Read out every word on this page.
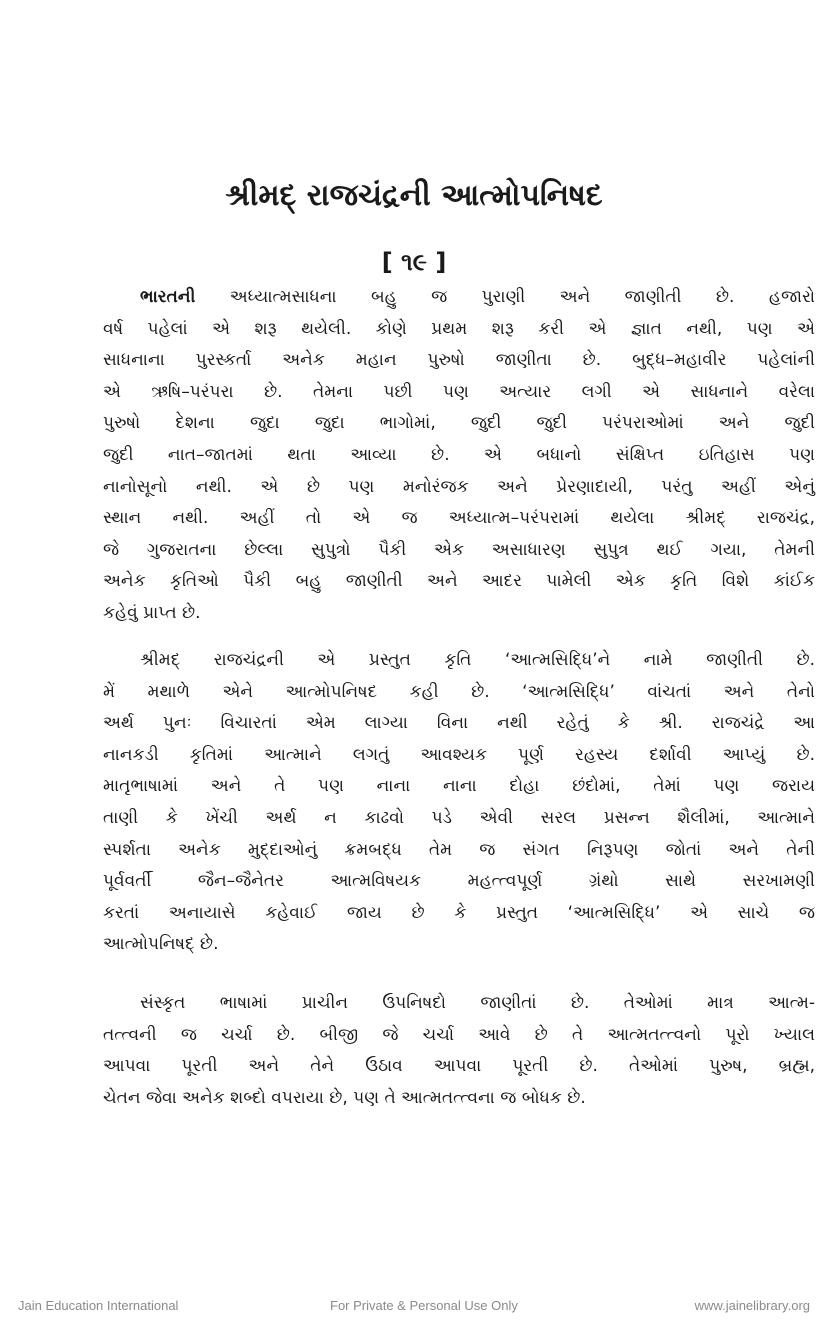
શ્રીમદ્ રાજચંદ્રની આત્મોપનિષદ
[ ૧૯ ]
ભારતની અધ્યાત્મસાધના બહુ જ પુરાણી અને જાણીતી છે. હજારો
વર્ષ પહેલાં એ શરૂ થયેલી. કોણે પ્રથમ શરૂ કરી એ જ્ઞાત નથી, પણ એ
સાધનાના પુરસ્કર્તા અનેક મહાન પુરુષો જાણીતા છે. બુદ્ધ–મહાવીર પહેલાંની
એ ઋષિ–પરંપરા છે. તેમના પછી પણ અત્યાર લગી એ સાધનાને વરેલા
પુરુષો દેશના જુદા જુદા ભાગોમાં, જુદી જુદી પરંપરાઓમાં અને જુદી
જુદી નાત–જાતમાં થતા આવ્યા છે. એ બધાનો સંક્ષિપ્ત ઇતિહાસ પણ
નાનોસૂનો નથી. એ છે પણ મનોરંજક અને પ્રેરણાદાયી, પરંતુ અહીં એનું
સ્થાન નથી. અહીં તો એ જ અધ્યાત્મ–પરંપરામાં થયેલા શ્રીમદ્ રાજચંદ્ર,
જે ગુજરાતના છેલ્લા સુપુત્રો પૈકી એક અસાધારણ સુપુત્ર થઈ ગયા, તેમની
અનેક કૃતિઓ પૈકી બહુ જાણીતી અને આદર પામેલી એક કૃતિ વિશે કાંઈક
કહેવું પ્રાપ્ત છે.
શ્રીમદ્ રાજચંદ્રની એ પ્રસ્તુત કૃતિ ‘આત્મસિદ્ધિ’ને નામે જાણીતી છે.
મેં મથાળે એને આત્મોપનિષદ કહી છે. ‘આત્મસિદ્ધિ’ વાંચતાં અને તેનો
અર્થ પુનઃ વિચારતાં એમ લાગ્યા વિના નથી રહેતું કે શ્રી. રાજચંદ્રે આ
નાનકડી કૃતિમાં આત્માને લગતું આવશ્યક પૂર્ણ રહસ્ય દર્શાવી આપ્યું છે.
માતૃભાષામાં અને તે પણ નાના નાના દોહા છંદોમાં, તેમાં પણ જરાય
તાણી કે ખેંચી અર્થ ન કાઢવો પડે એવી સરલ પ્રસન્ન શૈલીમાં, આત્માને
સ્પર્શતા અનેક મુદ્દાઓનું ક્રમબદ્ધ તેમ જ સંગત નિરૂપણ જોતાં અને તેની
પૂર્વવર્તી જૈન–જૈનેતર આત્મવિષયક મહત્ત્વપૂર્ણ ગ્રંથો સાથે સરખામણી
કરતાં અનાયાસે કહેવાઈ જાય છે કે પ્રસ્તુત ‘આત્મસિદ્ધિ’ એ સાચે જ
આત્મોપનિષદ્ છે.
સંસ્કૃત ભાષામાં પ્રાચીન ઉપનિષદો જાણીતાં છે. તેઓમાં માત્ર આત્મ-
તત્ત્વની જ ચર્ચા છે. બીજી જે ચર્ચા આવે છે તે આત્મતત્ત્વનો પૂરો ખ્યાલ
આપવા પૂરતી અને તેને ઉઠાવ આપવા પૂરતી છે. તેઓમાં પુરુષ, બ્રહ્મ,
ચેતન જેવા અનેક શબ્દો વપરાયા છે, પણ તે આત્મતત્ત્વના જ બોધક છે.
Jain Education International	For Private & Personal Use Only	www.jainelibrary.org
